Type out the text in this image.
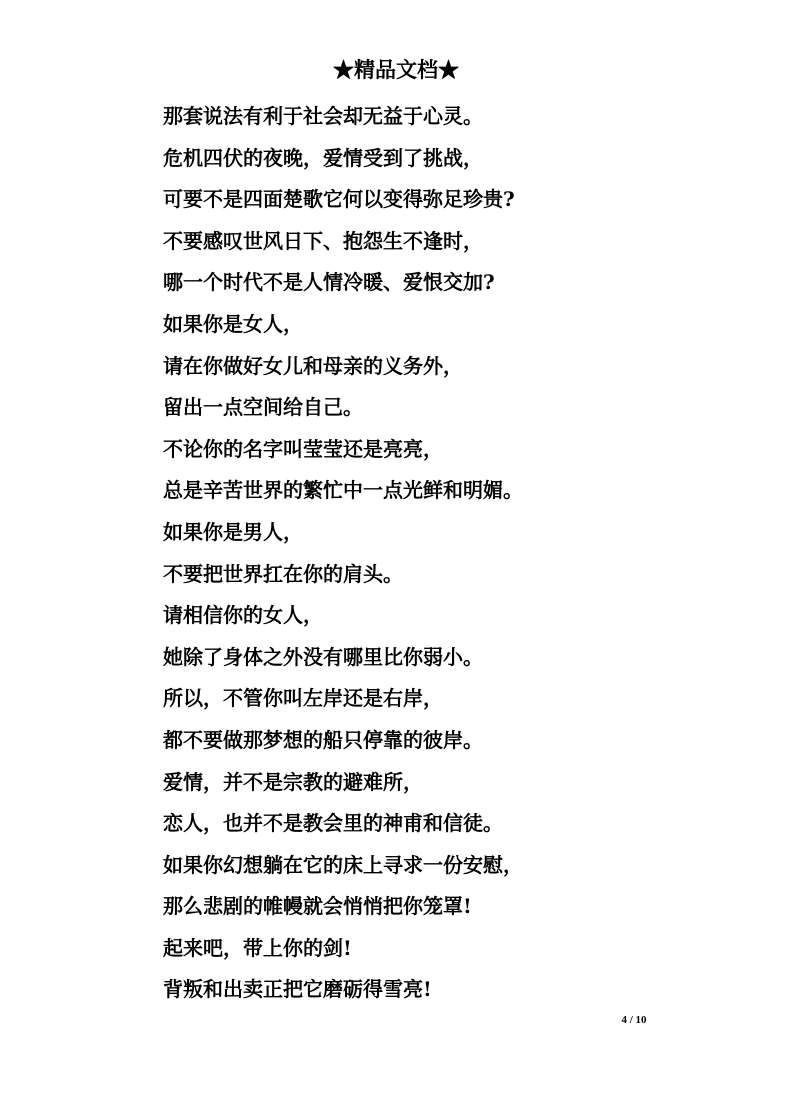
★精品文档★
那套说法有利于社会却无益于心灵。
危机四伏的夜晚，爱情受到了挑战，
可要不是四面楚歌它何以变得弥足珍贵?
不要感叹世风日下、抱怨生不逢时，
哪一个时代不是人情冷暖、爱恨交加?
如果你是女人，
请在你做好女儿和母亲的义务外，
留出一点空间给自己。
不论你的名字叫莹莹还是亮亮，
总是辛苦世界的繁忙中一点光鲜和明媚。
如果你是男人，
不要把世界扛在你的肩头。
请相信你的女人，
她除了身体之外没有哪里比你弱小。
所以，不管你叫左岸还是右岸，
都不要做那梦想的船只停靠的彼岸。
爱情，并不是宗教的避难所，
恋人，也并不是教会里的神甫和信徒。
如果你幻想躺在它的床上寻求一份安慰，
那么悲剧的帷幔就会悄悄把你笼罩!
起来吧，带上你的剑!
背叛和出卖正把它磨砺得雪亮!
4 / 10
